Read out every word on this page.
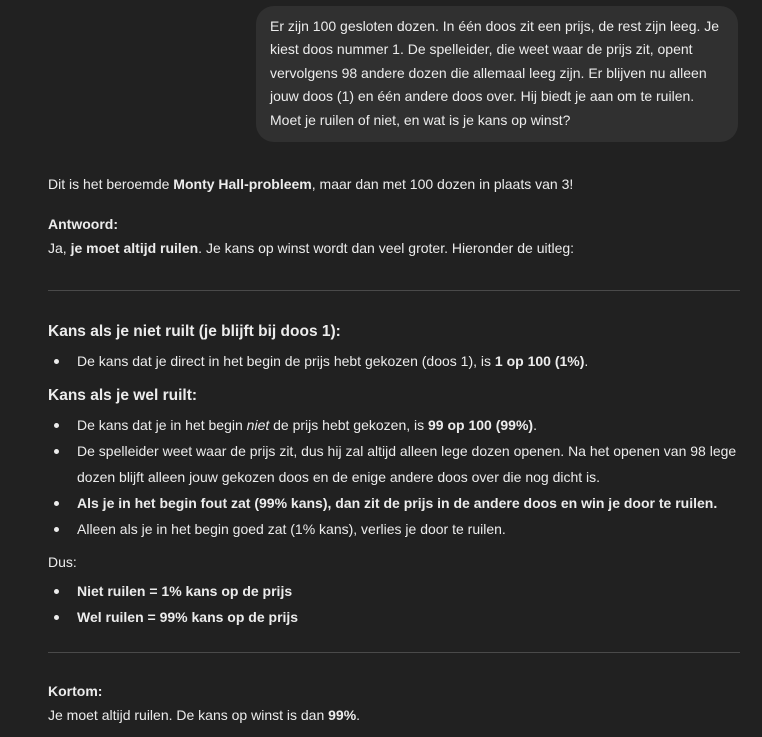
Er zijn 100 gesloten dozen. In één doos zit een prijs, de rest zijn leeg. Je kiest doos nummer 1. De spelleider, die weet waar de prijs zit, opent vervolgens 98 andere dozen die allemaal leeg zijn. Er blijven nu alleen jouw doos (1) en één andere doos over. Hij biedt je aan om te ruilen. Moet je ruilen of niet, en wat is je kans op winst?

Dit is het beroemde Monty Hall-probleem, maar dan met 100 dozen in plaats van 3!

Antwoord:

Ja, je moet altijd ruilen. Je kans op winst wordt dan veel groter. Hieronder de uitleg:

Kans als je niet ruilt (je blijft bij doos 1):
De kans dat je direct in het begin de prijs hebt gekozen (doos 1), is 1 op 100 (1%).
Kans als je wel ruilt:
De kans dat je in het begin niet de prijs hebt gekozen, is 99 op 100 (99%).
De spelleider weet waar de prijs zit, dus hij zal altijd alleen lege dozen openen. Na het openen van 98 lege dozen blijft alleen jouw gekozen doos en de enige andere doos over die nog dicht is.
Als je in het begin fout zat (99% kans), dan zit de prijs in de andere doos en win je door te ruilen.
Alleen als je in het begin goed zat (1% kans), verlies je door te ruilen.

Dus:

Niet ruilen = 1% kans op de prijs
Wel ruilen = 99% kans op de prijs

Kortom:

Je moet altijd ruilen. De kans op winst is dan 99%.
